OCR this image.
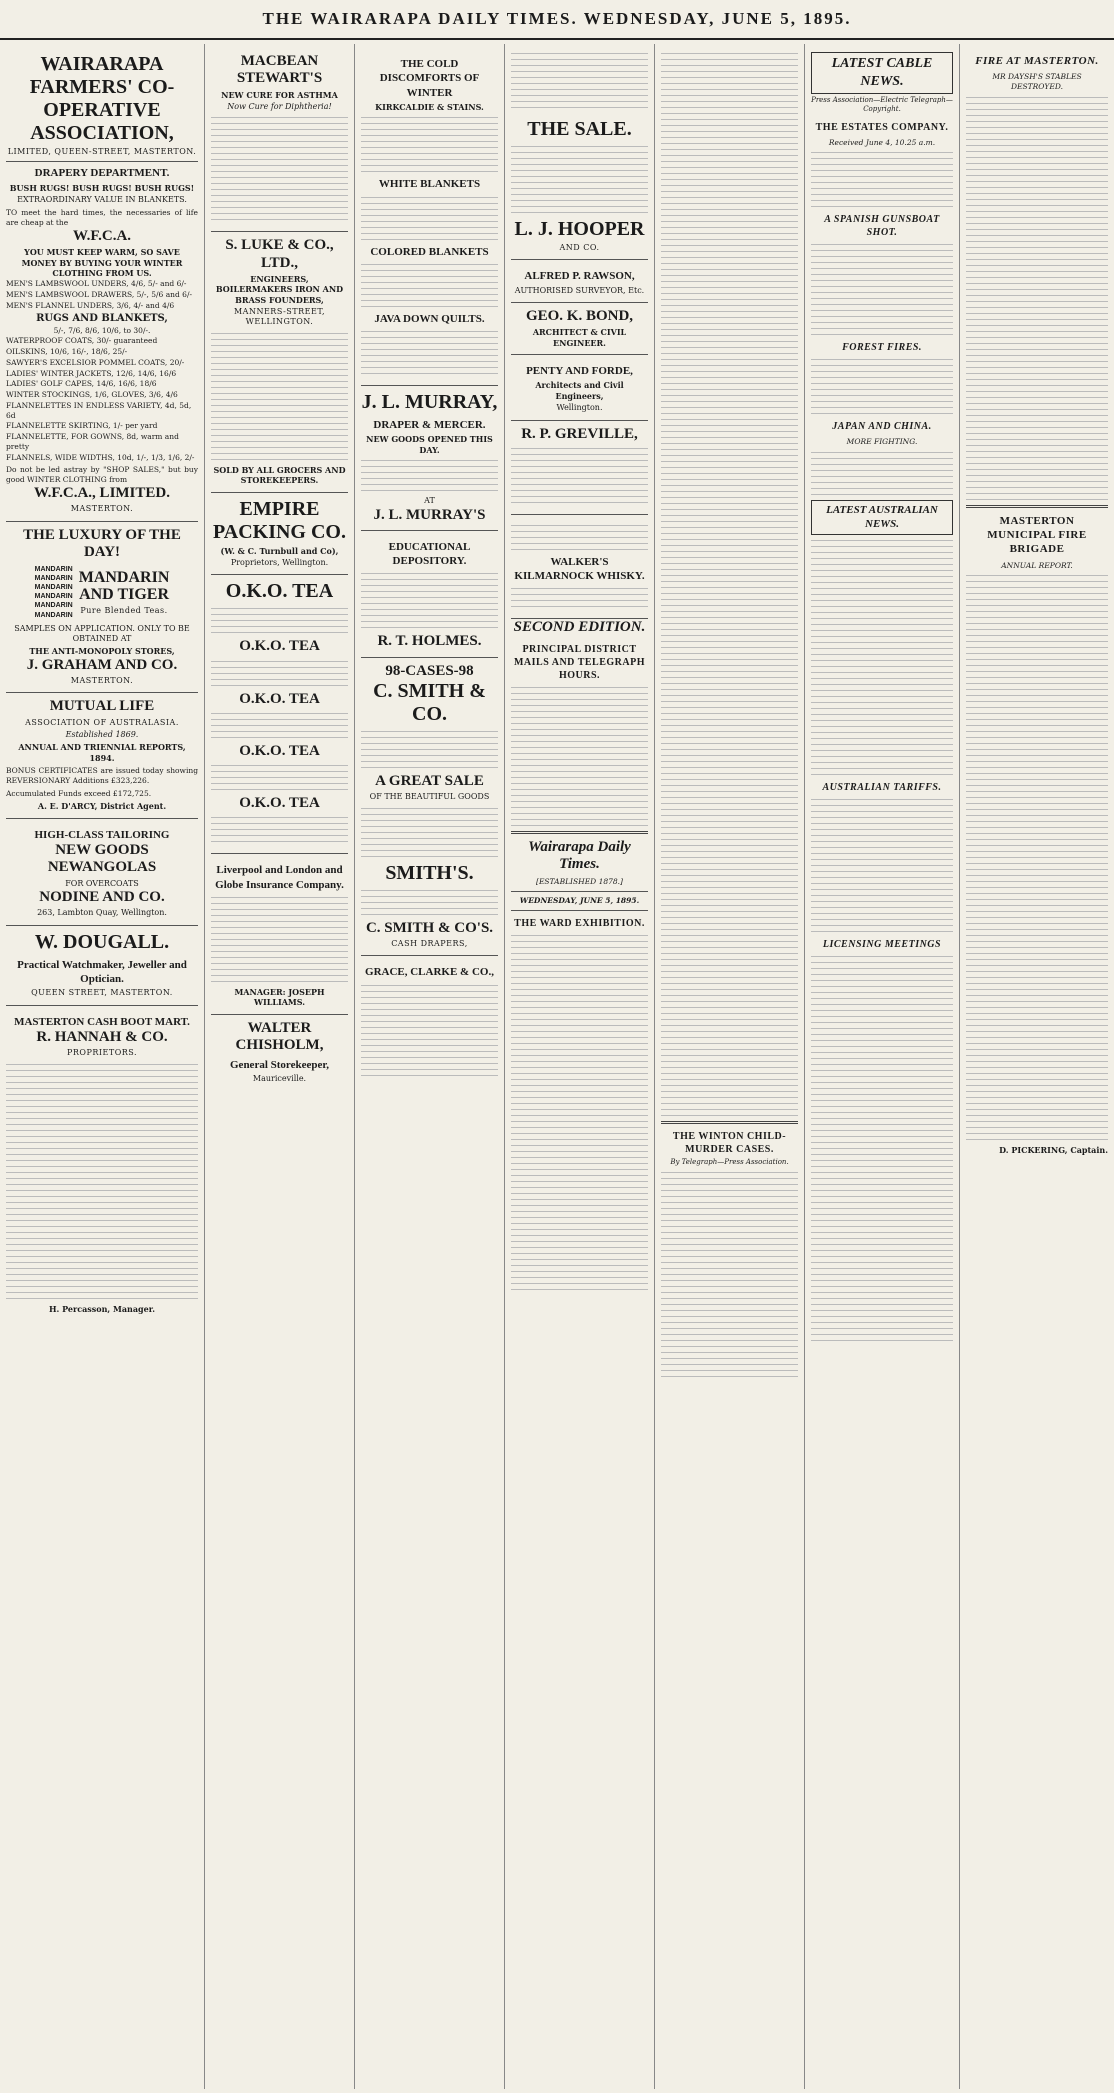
THE WAIRARAPA DAILY TIMES. WEDNESDAY, JUNE 5, 1895.
WAIRARAPA FARMERS' CO-OPERATIVE ASSOCIATION,
LIMITED, QUEEN-STREET, MASTERTON.
DRAPERY DEPARTMENT.
BUSH RUGS! BUSH RUGS! BUSH RUGS!
EXTRAORDINARY VALUE IN BLANKETS.
TO meet the hard times, the necessaries of life are cheap at the
W.F.C.A.
YOU MUST KEEP WARM, SO SAVE MONEY BY BUYING YOUR WINTER CLOTHING FROM US.
MEN'S LAMBSWOOL UNDERS, 4/6, 5/- and 6/-
MEN'S LAMBSWOOL DRAWERS, 5/-, 5/6 and 6/-
MEN'S FLANNEL UNDERS, 3/6, 4/- and 4/6
RUGS AND BLANKETS,
5/-, 7/6, 8/6, 10/6, to 30/-.
WATERPROOF COATS, 30/- guaranteed
OILSKINS, 10/6, 16/-, 18/6, 25/-
SAWYER'S EXCELSIOR POMMEL COATS, 20/-
LADIES' WINTER JACKETS, 12/6, 14/6, 16/6
LADIES' GOLF CAPES, 14/6, 16/6, 18/6
WINTER STOCKINGS, 1/6, GLOVES, 3/6, 4/6
FLANNELETTES IN ENDLESS VARIETY, 4d, 5d, 6d
FLANNELETTE SKIRTING, 1/- per yard
FLANNELETTE, FOR GOWNS, 8d, warm and pretty
FLANNELS, WIDE WIDTHS, 10d, 1/-, 1/3, 1/6, 2/-
Do not be led astray by "SHOP SALES," but buy good WINTER CLOTHING from
W.F.C.A., LIMITED.
MASTERTON.
THE LUXURY OF THE DAY!
MANDARIN
MANDARIN
MANDARIN
MANDARIN
MANDARIN
MANDARIN
MANDARIN
AND TIGER
Pure Blended Teas.
SAMPLES ON APPLICATION. ONLY TO BE OBTAINED AT
THE ANTI-MONOPOLY STORES,
J. GRAHAM AND CO.
MASTERTON.
MUTUAL LIFE
ASSOCIATION OF AUSTRALASIA.
Established 1869.
ANNUAL AND TRIENNIAL REPORTS, 1894.
BONUS CERTIFICATES are issued today showing REVERSIONARY Additions £323,226.
Accumulated Funds exceed £172,725.
A. E. D'ARCY, District Agent.
HIGH-CLASS TAILORING
NEW GOODS
NEWANGOLAS
FOR OVERCOATS
NODINE AND CO.
263, Lambton Quay, Wellington.
W. DOUGALL.
Practical Watchmaker, Jeweller and Optician.
QUEEN STREET, MASTERTON.
MASTERTON CASH BOOT MART.
R. HANNAH & CO.
PROPRIETORS.
H. Percasson, Manager.
MACBEAN STEWART'S
NEW CURE FOR ASTHMA
Now Cure for Diphtheria!
S. LUKE & CO., LTD.,
ENGINEERS, BOILERMAKERS IRON AND BRASS FOUNDERS,
MANNERS-STREET, WELLINGTON.
SOLD BY ALL GROCERS AND STOREKEEPERS.
EMPIRE PACKING CO.
(W. & C. Turnbull and Co),
Proprietors, Wellington.
O.K.O. TEA
O.K.O. TEA
O.K.O. TEA
O.K.O. TEA
O.K.O. TEA
Liverpool and London and Globe Insurance Company.
MANAGER: JOSEPH WILLIAMS.
WALTER CHISHOLM,
General Storekeeper,
Mauriceville.
THE COLD DISCOMFORTS OF WINTER
KIRKCALDIE & STAINS.
WHITE BLANKETS
COLORED BLANKETS
JAVA DOWN QUILTS.
J. L. MURRAY,
DRAPER & MERCER.
NEW GOODS OPENED THIS DAY.
AT
J. L. MURRAY'S
EDUCATIONAL DEPOSITORY.
R. T. HOLMES.
98-CASES-98
C. SMITH & CO.
A GREAT SALE
OF THE BEAUTIFUL GOODS
SMITH'S.
C. SMITH & CO'S.
CASH DRAPERS,
GRACE, CLARKE & CO.,
THE SALE.
L. J. HOOPER
AND CO.
ALFRED P. RAWSON,
AUTHORISED SURVEYOR, Etc.
GEO. K. BOND,
ARCHITECT & CIVIL ENGINEER.
PENTY AND FORDE,
Architects and Civil Engineers,
Wellington.
R. P. GREVILLE,
WALKER'S KILMARNOCK WHISKY.
SECOND EDITION.
PRINCIPAL DISTRICT MAILS AND TELEGRAPH HOURS.
Wairarapa Daily Times.
[ESTABLISHED 1878.]
WEDNESDAY, JUNE 5, 1895.
THE WARD EXHIBITION.
THE WINTON CHILD-MURDER CASES.
By Telegraph—Press Association.
LATEST CABLE NEWS.
Press Association—Electric Telegraph—Copyright.
THE ESTATES COMPANY.
Received June 4, 10.25 a.m.
A SPANISH GUNSBOAT SHOT.
FOREST FIRES.
JAPAN AND CHINA.
MORE FIGHTING.
LATEST AUSTRALIAN NEWS.
AUSTRALIAN TARIFFS.
LICENSING MEETINGS
FIRE AT MASTERTON.
MR DAYSH'S STABLES DESTROYED.
MASTERTON MUNICIPAL FIRE BRIGADE
ANNUAL REPORT.
D. PICKERING, Captain.
